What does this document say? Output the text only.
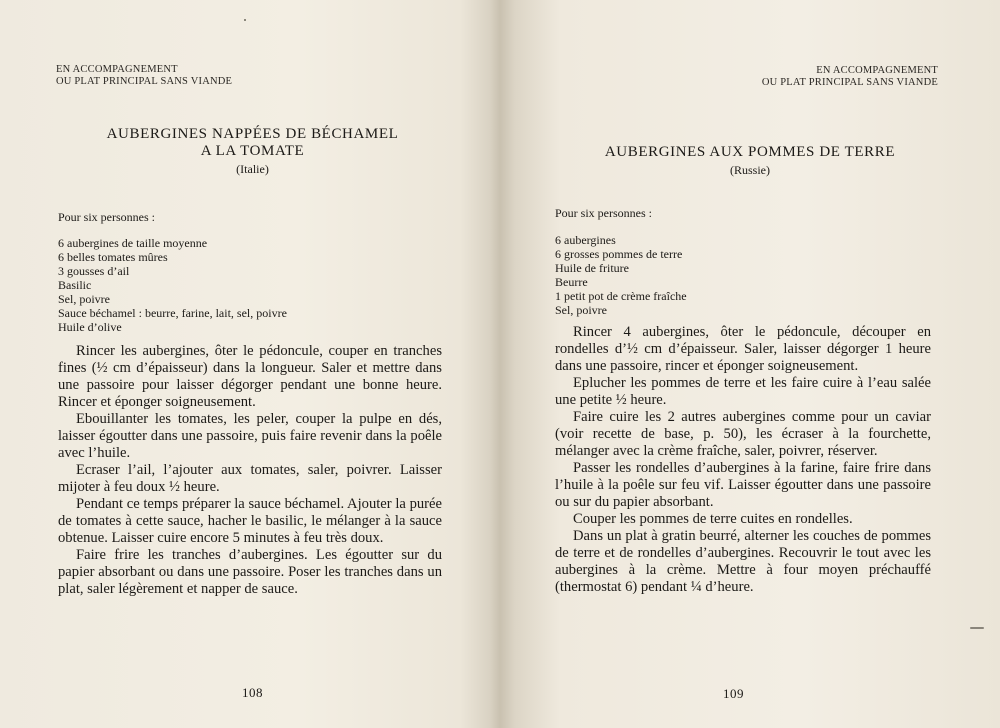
EN ACCOMPAGNEMENT
OU PLAT PRINCIPAL SANS VIANDE
AUBERGINES NAPPÉES DE BÉCHAMEL
A LA TOMATE
(Italie)
Pour six personnes :
6 aubergines de taille moyenne
6 belles tomates mûres
3 gousses d’ail
Basilic
Sel, poivre
Sauce béchamel : beurre, farine, lait, sel, poivre
Huile d’olive

Rincer les aubergines, ôter le pédoncule, couper en tranches fines (½ cm d’épaisseur) dans la longueur. Saler et mettre dans une passoire pour laisser dégorger pendant une bonne heure. Rincer et éponger soigneusement.

Ebouillanter les tomates, les peler, couper la pulpe en dés, laisser égoutter dans une passoire, puis faire revenir dans la poêle avec l’huile.

Ecraser l’ail, l’ajouter aux tomates, saler, poivrer. Laisser mijoter à feu doux ½ heure.

Pendant ce temps préparer la sauce béchamel. Ajouter la purée de tomates à cette sauce, hacher le basilic, le mélanger à la sauce obtenue. Laisser cuire encore 5 minutes à feu très doux.

Faire frire les tranches d’aubergines. Les égoutter sur du papier absorbant ou dans une passoire. Poser les tranches dans un plat, saler légèrement et napper de sauce.

108
EN ACCOMPAGNEMENT
OU PLAT PRINCIPAL SANS VIANDE
AUBERGINES AUX POMMES DE TERRE
(Russie)
Pour six personnes :
6 aubergines
6 grosses pommes de terre
Huile de friture
Beurre
1 petit pot de crème fraîche
Sel, poivre

Rincer 4 aubergines, ôter le pédoncule, découper en rondelles d’½ cm d’épaisseur. Saler, laisser dégorger 1 heure dans une passoire, rincer et éponger soigneusement.

Eplucher les pommes de terre et les faire cuire à l’eau salée une petite ½ heure.

Faire cuire les 2 autres aubergines comme pour un caviar (voir recette de base, p. 50), les écraser à la fourchette, mélanger avec la crème fraîche, saler, poivrer, réserver.

Passer les rondelles d’aubergines à la farine, faire frire dans l’huile à la poêle sur feu vif. Laisser égoutter dans une passoire ou sur du papier absorbant.

Couper les pommes de terre cuites en rondelles.

Dans un plat à gratin beurré, alterner les couches de pommes de terre et de rondelles d’aubergines. Recouvrir le tout avec les aubergines à la crème. Mettre à four moyen préchauffé (thermostat 6) pendant ¼ d’heure.

109
